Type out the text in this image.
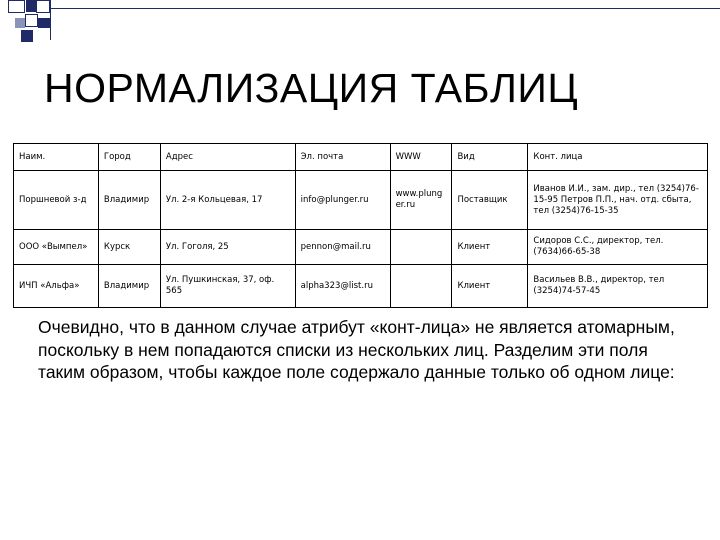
НОРМАЛИЗАЦИЯ ТАБЛИЦ
Наим.	Город	Адрес	Эл. почта	WWW	Вид	Конт. лица
Поршневой з-д	Владимир	Ул. 2-я Кольцевая, 17	info@plunger.ru	www.plunger.ru	Поставщик	Иванов И.И., зам. дир., тел (3254)76-15-95 Петров П.П., нач. отд. сбыта, тел (3254)76-15-35
ООО «Вымпел»	Курск	Ул. Гоголя, 25	pennon@mail.ru		Клиент	Сидоров С.С., директор, тел. (7634)66-65-38
ИЧП «Альфа»	Владимир	Ул. Пушкинская, 37, оф. 565	alpha323@list.ru		Клиент	Васильев В.В., директор, тел (3254)74-57-45
Очевидно, что в данном случае атрибут «конт-лица» не является атомарным, поскольку в нем попадаются списки из нескольких лиц. Разделим эти поля таким образом, чтобы каждое поле содержало данные только об одном лице:
